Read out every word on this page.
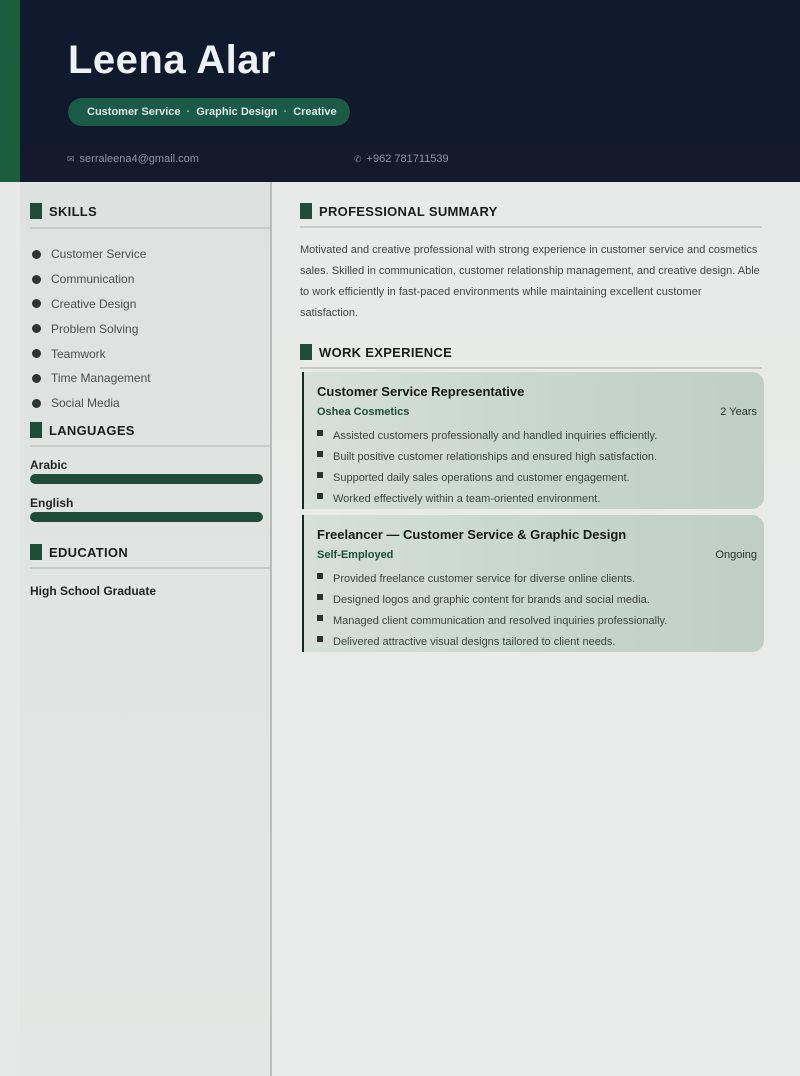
Leena Alar
Customer Service · Graphic Design · Creative
✉ serraleena4@gmail.com	✆ +962 781711539
SKILLS
Customer Service
Communication
Creative Design
Problem Solving
Teamwork
Time Management
Social Media
LANGUAGES
Arabic
English
EDUCATION
High School Graduate
PROFESSIONAL SUMMARY

Motivated and creative professional with strong experience in customer service and cosmetics sales. Skilled in communication, customer relationship management, and creative design. Able to work efficiently in fast-paced environments while maintaining excellent customer satisfaction.

WORK EXPERIENCE
Customer Service Representative
Oshea Cosmetics	2 Years
Assisted customers professionally and handled inquiries efficiently.
Built positive customer relationships and ensured high satisfaction.
Supported daily sales operations and customer engagement.
Worked effectively within a team-oriented environment.
Freelancer — Customer Service & Graphic Design
Self-Employed	Ongoing
Provided freelance customer service for diverse online clients.
Designed logos and graphic content for brands and social media.
Managed client communication and resolved inquiries professionally.
Delivered attractive visual designs tailored to client needs.
